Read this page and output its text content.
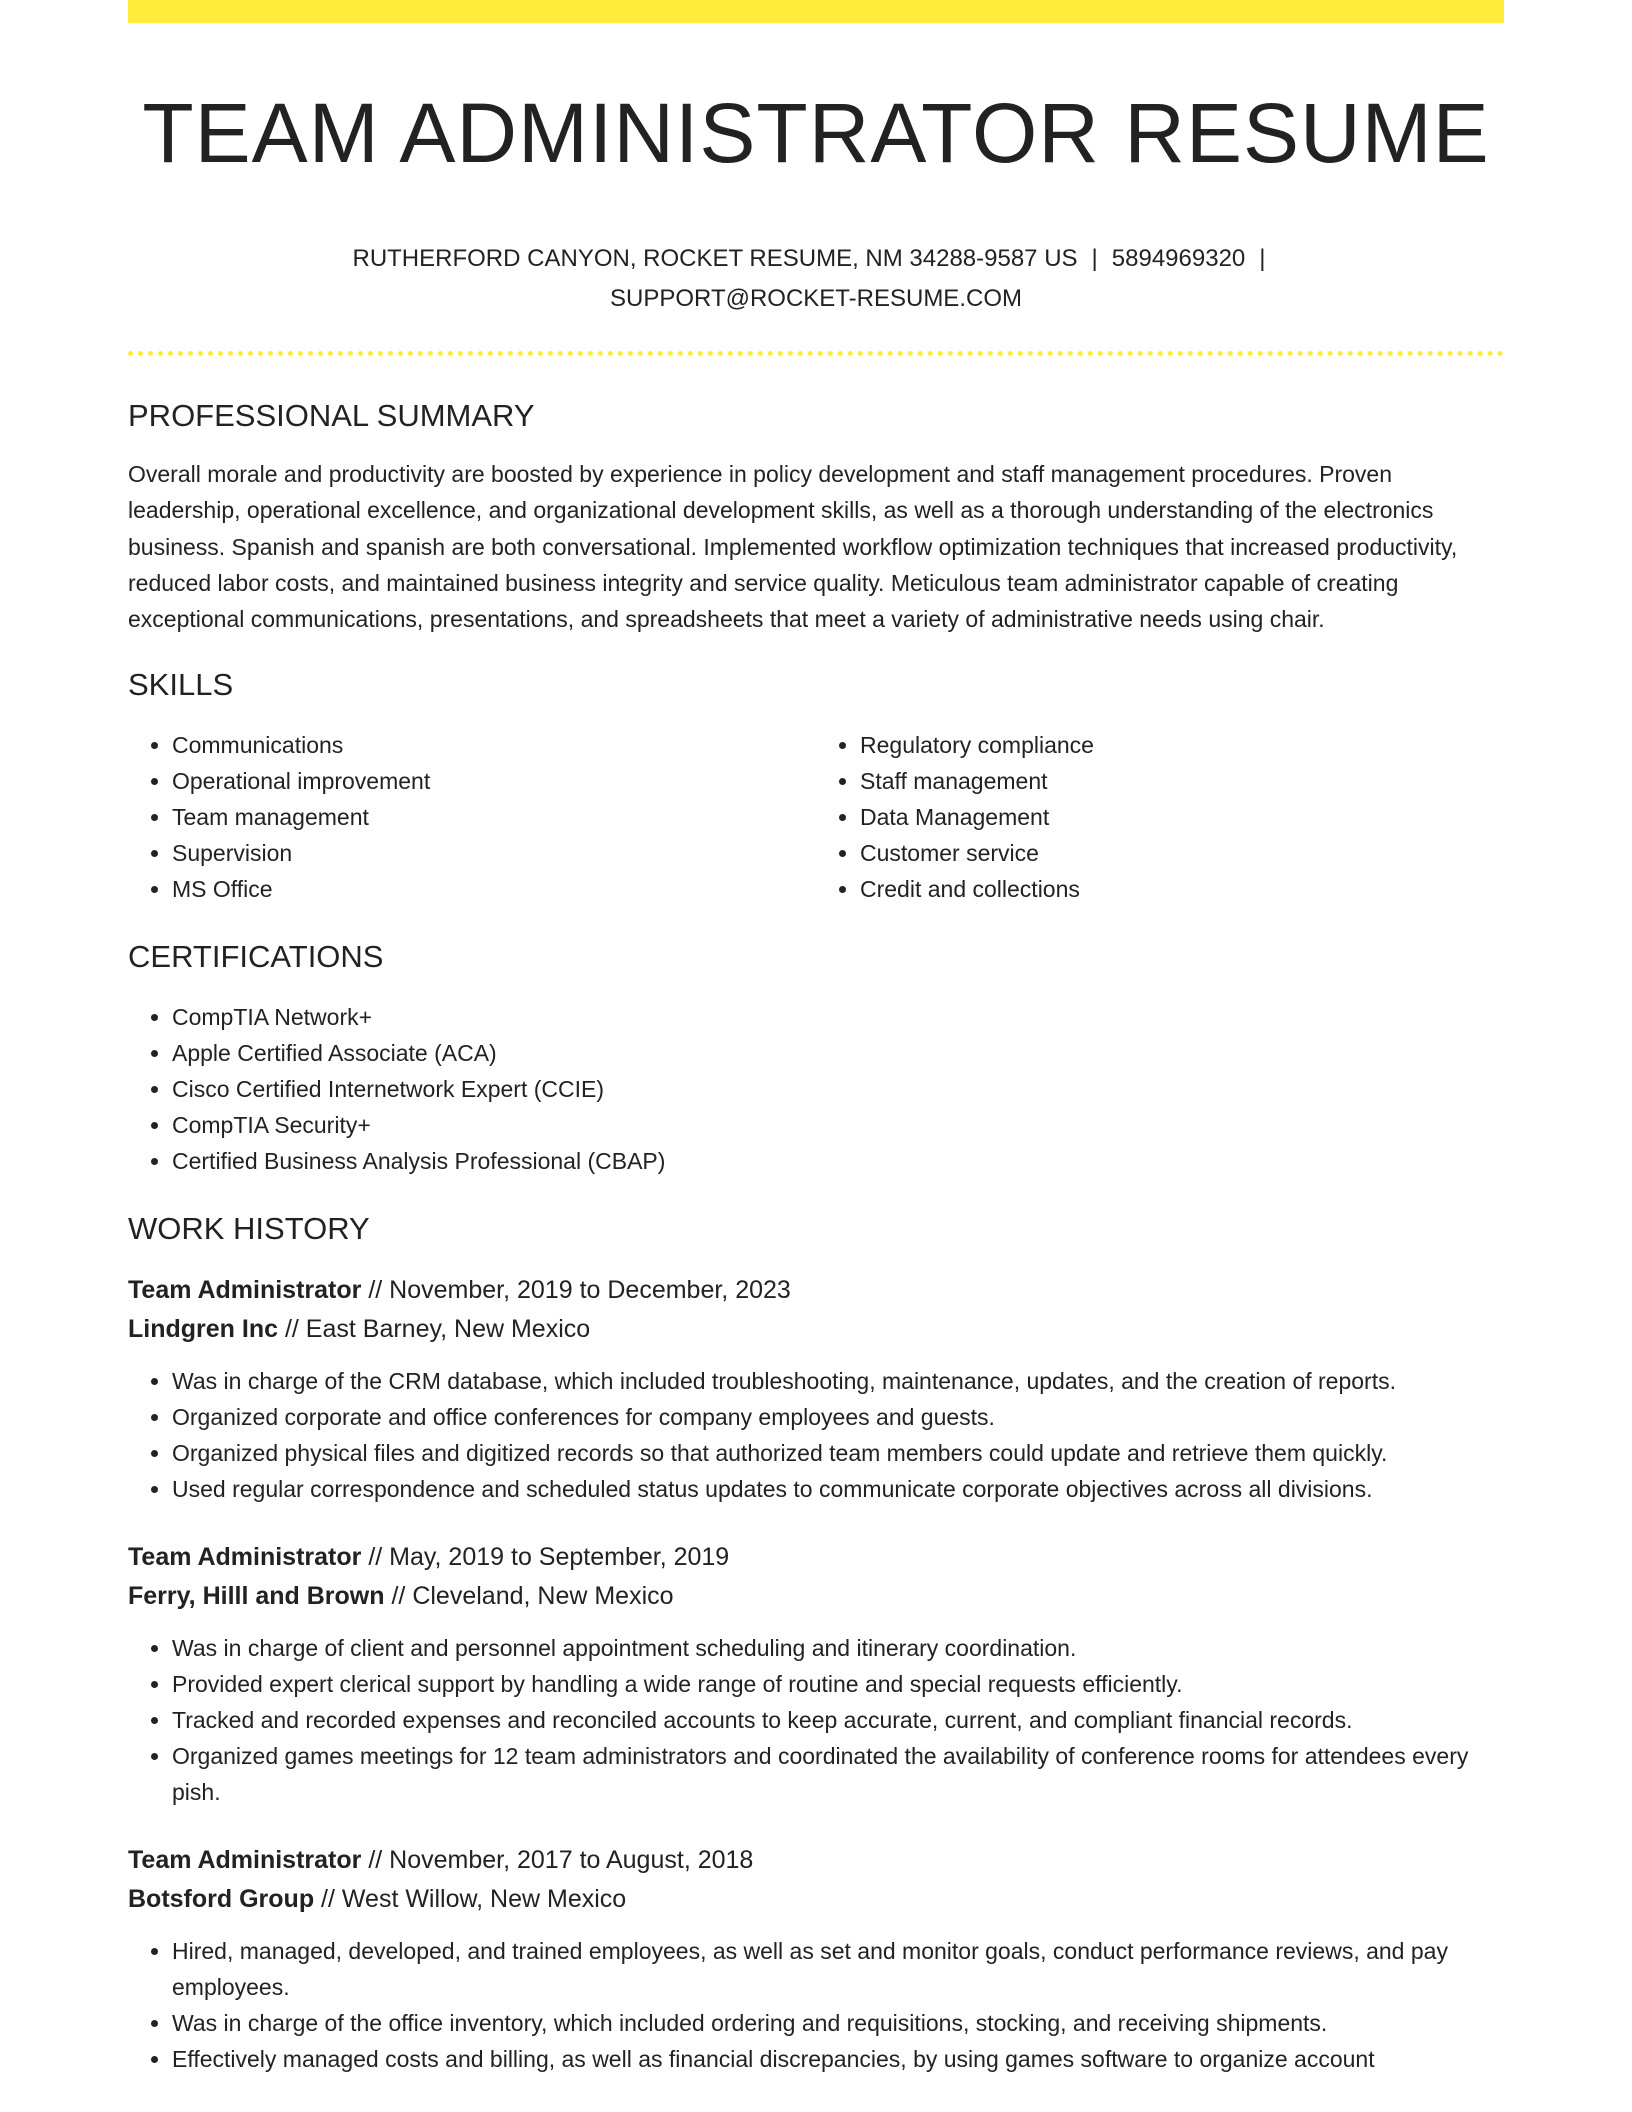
TEAM ADMINISTRATOR RESUME
RUTHERFORD CANYON, ROCKET RESUME, NM 34288-9587 US | 5894969320 |
SUPPORT@ROCKET-RESUME.COM
PROFESSIONAL SUMMARY

Overall morale and productivity are boosted by experience in policy development and staff management procedures. Proven leadership, operational excellence, and organizational development skills, as well as a thorough understanding of the electronics business. Spanish and spanish are both conversational. Implemented workflow optimization techniques that increased productivity, reduced labor costs, and maintained business integrity and service quality. Meticulous team administrator capable of creating exceptional communications, presentations, and spreadsheets that meet a variety of administrative needs using chair.

SKILLS
• Communications
• Operational improvement
• Team management
• Supervision
• MS Office
• Regulatory compliance
• Staff management
• Data Management
• Customer service
• Credit and collections
CERTIFICATIONS
• CompTIA Network+
• Apple Certified Associate (ACA)
• Cisco Certified Internetwork Expert (CCIE)
• CompTIA Security+
• Certified Business Analysis Professional (CBAP)
WORK HISTORY
Team Administrator // November, 2019 to December, 2023
Lindgren Inc // East Barney, New Mexico
• Was in charge of the CRM database, which included troubleshooting, maintenance, updates, and the creation of reports.
• Organized corporate and office conferences for company employees and guests.
• Organized physical files and digitized records so that authorized team members could update and retrieve them quickly.
• Used regular correspondence and scheduled status updates to communicate corporate objectives across all divisions.
Team Administrator // May, 2019 to September, 2019
Ferry, Hilll and Brown // Cleveland, New Mexico
• Was in charge of client and personnel appointment scheduling and itinerary coordination.
• Provided expert clerical support by handling a wide range of routine and special requests efficiently.
• Tracked and recorded expenses and reconciled accounts to keep accurate, current, and compliant financial records.
• Organized games meetings for 12 team administrators and coordinated the availability of conference rooms for attendees every pish.
Team Administrator // November, 2017 to August, 2018
Botsford Group // West Willow, New Mexico
• Hired, managed, developed, and trained employees, as well as set and monitor goals, conduct performance reviews, and pay employees.
• Was in charge of the office inventory, which included ordering and requisitions, stocking, and receiving shipments.
• Effectively managed costs and billing, as well as financial discrepancies, by using games software to organize account
